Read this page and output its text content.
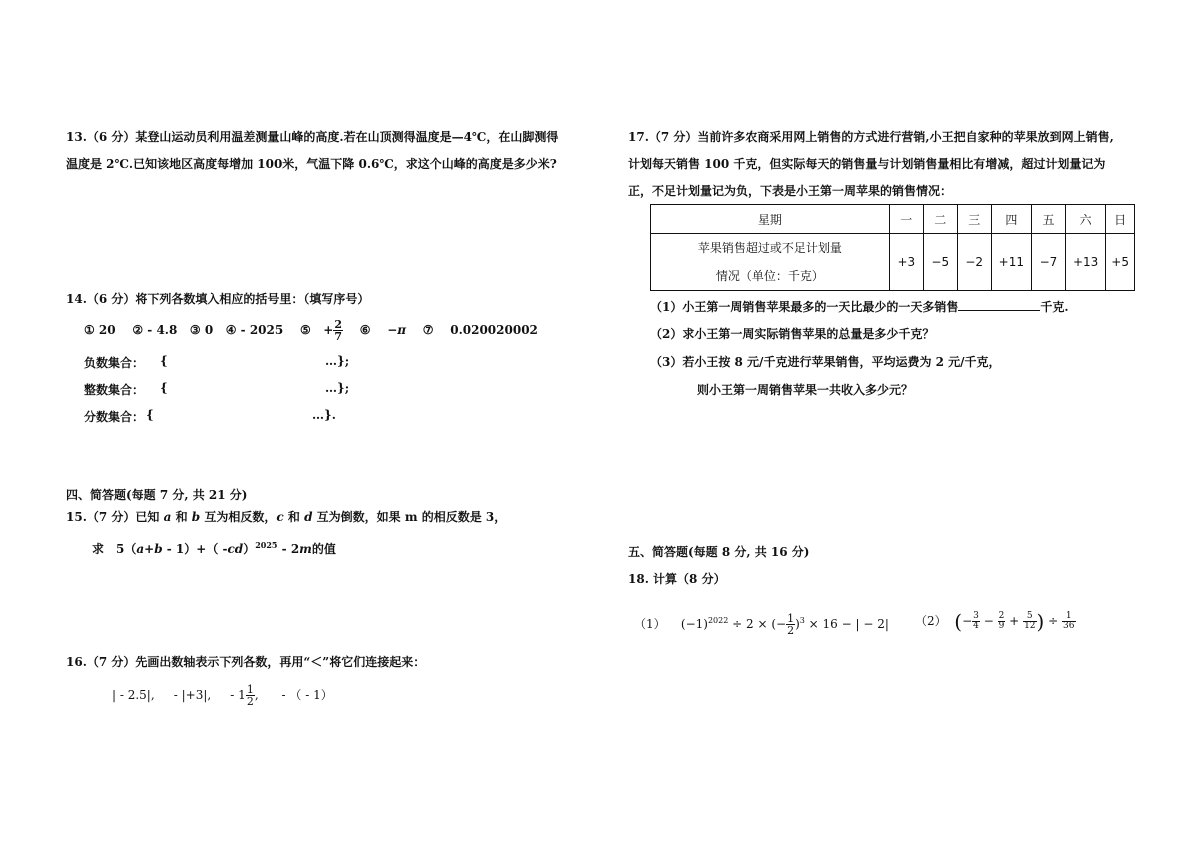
13.（6 分）某登山运动员利用温差测量山峰的高度.若在山顶测得温度是—4℃，在山脚测得
温度是 2℃.已知该地区高度每增加 100米，气温下降 0.6℃，求这个山峰的高度是多少米?
14.（6 分）将下列各数填入相应的括号里：（填写序号）
① 20 ② - 4.8 ③ 0 ④ - 2025 ⑤ + $\frac{2}{7}$ ⑥ −π ⑦ 0.020020002
负数集合： {	…};
整数集合： {	…};
分数集合： {	…}.
四、简答题(每题 7 分, 共 21 分)
15.（7 分）已知 a 和 b 互为相反数，c 和 d 互为倒数，如果 m 的相反数是 3，
求　5（a+b - 1）+（ -cd）$^{2025}$ - 2m的值
16.（7 分）先画出数轴表示下列各数，再用“＜”将它们连接起来：
| - 2.5|, - |+3|, - $1 \frac{1}{2}$ , - （ - 1）
17.（7 分）当前许多农商采用网上销售的方式进行营销,小王把自家种的苹果放到网上销售,
计划每天销售 100 千克，但实际每天的销售量与计划销售量相比有增减，超过计划量记为
正，不足计划量记为负，下表是小王第一周苹果的销售情况：
星期	一	二	三	四	五	六	日

苹果销售超过或不足计划量
情况（单位：千克）	+3	−5	−2	+11	−7	+13	+5
（1）小王第一周销售苹果最多的一天比最少的一天多销售	千克.
（2）求小王第一周实际销售苹果的总量是多少千克？
（3）若小王按 8 元/千克进行苹果销售，平均运费为 2 元/千克，
则小王第一周销售苹果一共收入多少元？
五、简答题(每题 8 分, 共 16 分)
18. 计算（8 分）
（1） $(-1)^{2022} \div 2$ × (− $\frac{1}{2} )^3 \times 16$ − | − 2| （2） (− $\frac{3}{4} - \frac{2}{9} + \frac{5}{12}$ ) ÷ $\frac{1}{36}$
